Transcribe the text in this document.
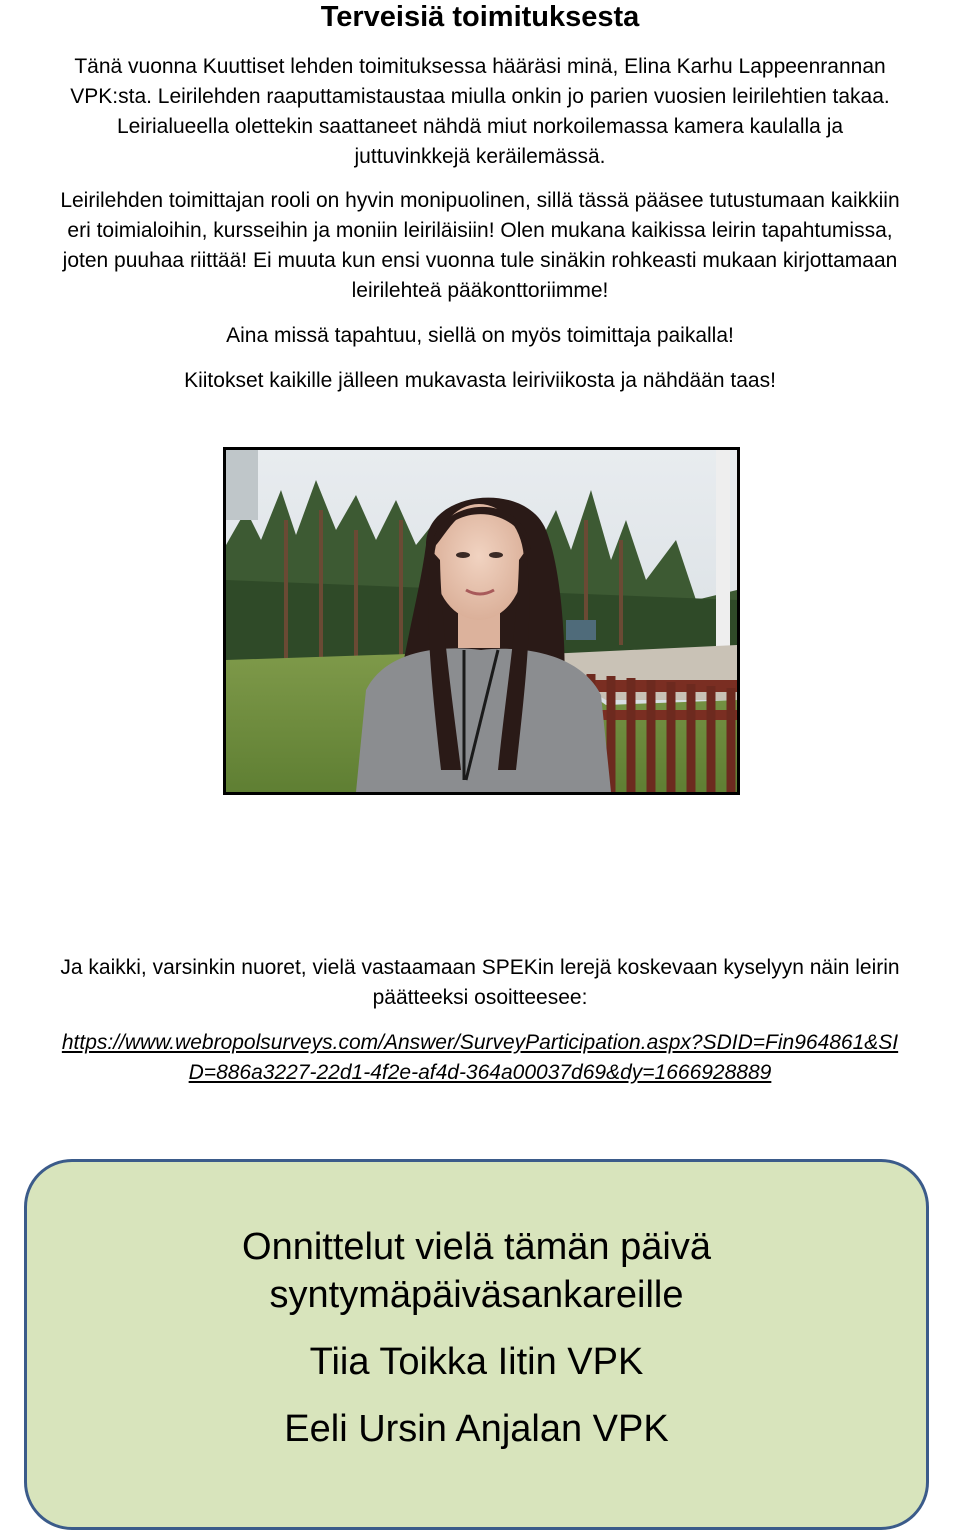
Terveisiä toimituksesta

Tänä vuonna Kuuttiset lehden toimituksessa hääräsi minä, Elina Karhu Lappeenrannan
VPK:sta. Leirilehden raaputtamistaustaa miulla onkin jo parien vuosien leirilehtien takaa.
Leirialueella olettekin saattaneet nähdä miut norkoilemassa kamera kaulalla ja
juttuvinkkejä keräilemässä.

Leirilehden toimittajan rooli on hyvin monipuolinen, sillä tässä pääsee tutustumaan kaikkiin
eri toimialoihin, kursseihin ja moniin leiriläisiin! Olen mukana kaikissa leirin tapahtumissa,
joten puuhaa riittää! Ei muuta kun ensi vuonna tule sinäkin rohkeasti mukaan kirjottamaan
leirilehteä pääkonttoriimme!

Aina missä tapahtuu, siellä on myös toimittaja paikalla!

Kiitokset kaikille jälleen mukavasta leiriviikosta ja nähdään taas!

Ja kaikki, varsinkin nuoret, vielä vastaamaan SPEKin lerejä koskevaan kyselyyn näin leirin
päätteeksi osoitteesee:

https://www.webropolsurveys.com/Answer/SurveyParticipation.aspx?SDID=Fin964861&SI
D=886a3227-22d1-4f2e-af4d-364a00037d69&dy=1666928889
Onnittelut vielä tämän päivä
syntymäpäiväsankareille
Tiia Toikka Iitin VPK
Eeli Ursin Anjalan VPK
